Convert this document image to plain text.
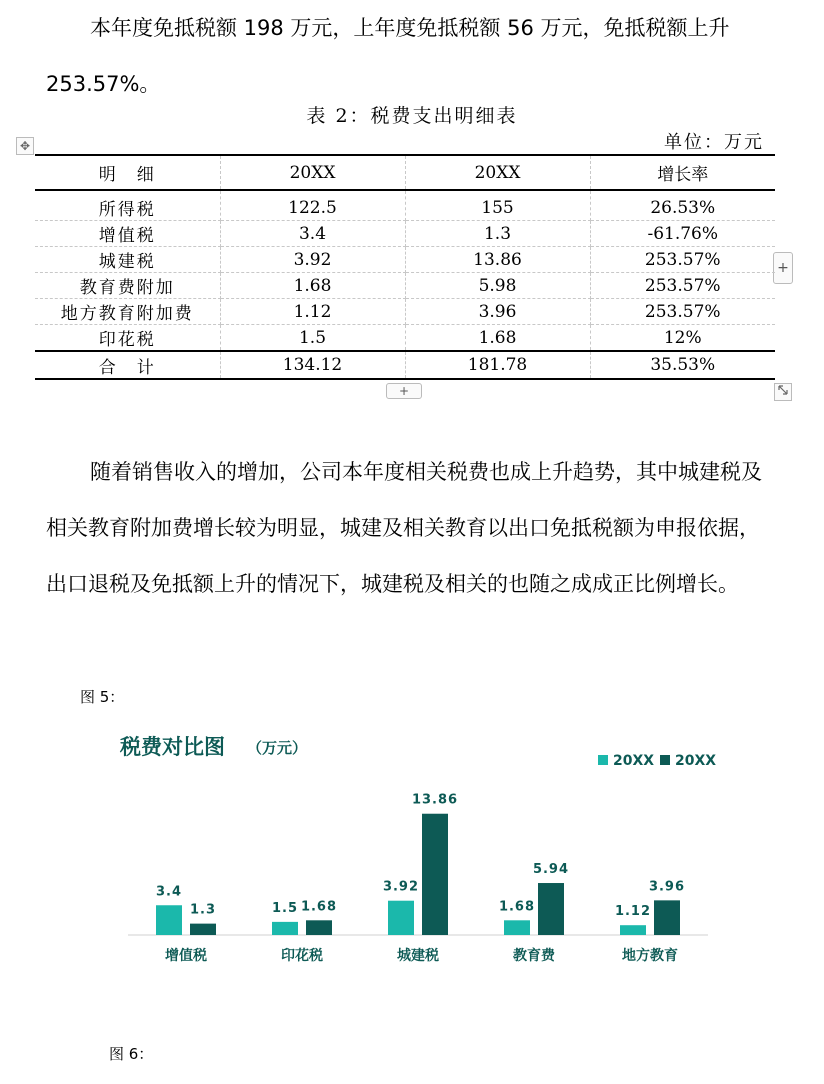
本年度免抵税额 198 万元，上年度免抵税额 56 万元，免抵税额上升 253.57%。
表 2：税费支出明细表
单位：万元
✥
+
+
明　细	20XX	20XX	增长率
所得税	122.5	155	26.53%
增值税	3.4	1.3	-61.76%
城建税	3.92	13.86	253.57%
教育费附加	1.68	5.98	253.57%
地方教育附加费	1.12	3.96	253.57%
印花税	1.5	1.68	12%
合　计	134.12	181.78	35.53%
随着销售收入的增加，公司本年度相关税费也成上升趋势，其中城建税及相关教育附加费增长较为明显，城建及相关教育以出口免抵税额为申报依据，出口退税及免抵额上升的情况下，城建税及相关的也随之成成正比例增长。
图 5：
税费对比图 （万元）
20XX 20XX
3.4
1.3	1.5 1.68
3.92
13.86
1.68
5.94
1.12
3.96
增值税	印花税	城建税	教育费	地方教育
图 6：
